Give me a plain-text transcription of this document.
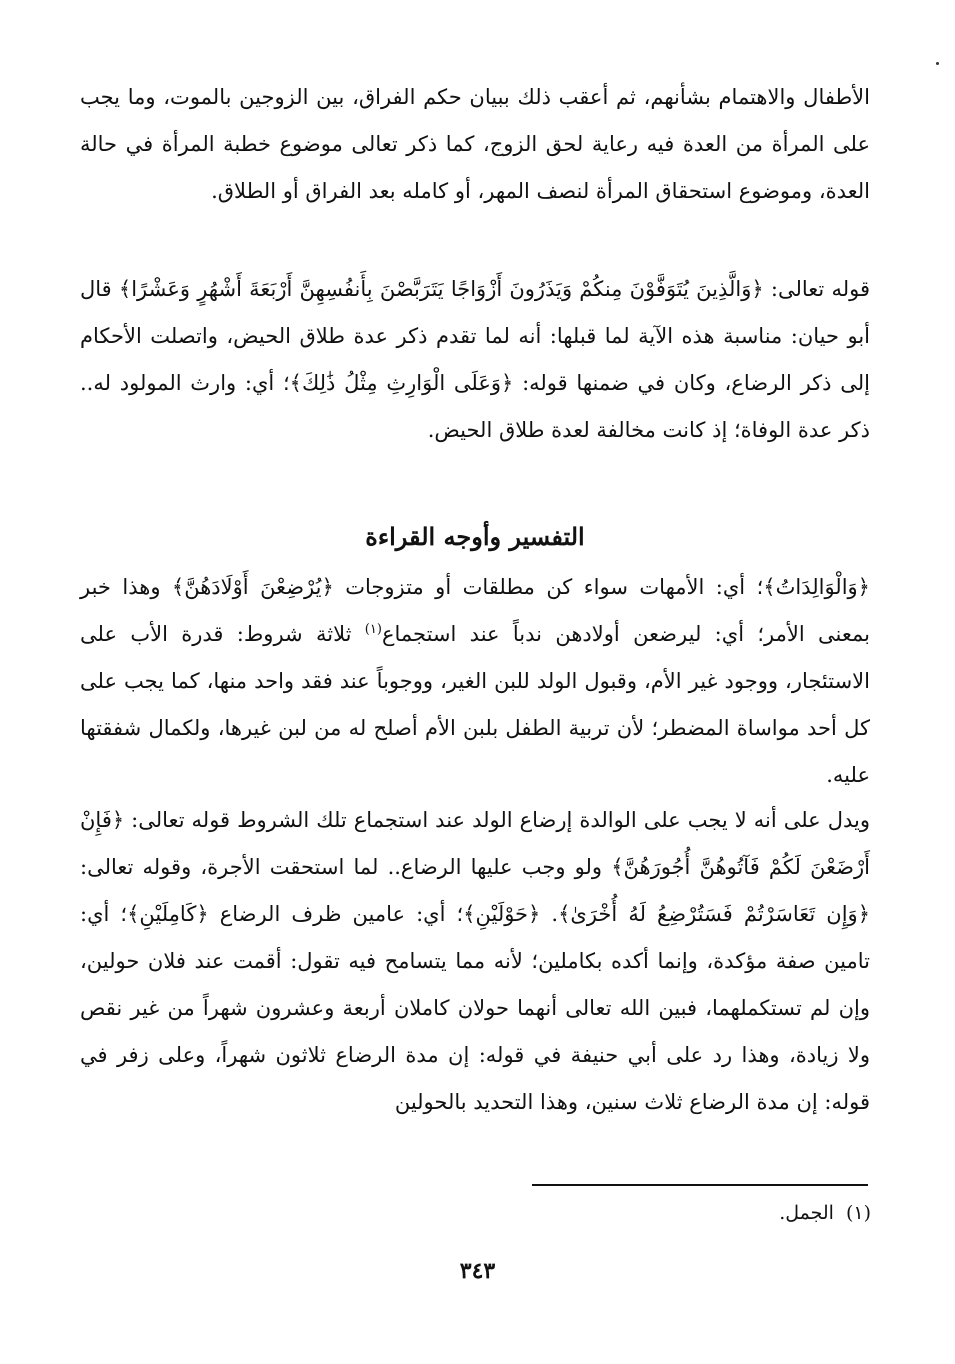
الأطفال والاهتمام بشأنهم، ثم أعقب ذلك ببيان حكم الفراق، بين الزوجين بالموت، وما يجب على المرأة من العدة فيه رعاية لحق الزوج، كما ذكر تعالى موضوع خطبة المرأة في حالة العدة، وموضوع استحقاق المرأة لنصف المهر، أو كامله بعد الفراق أو الطلاق.

قوله تعالى: ﴿وَالَّذِينَ يُتَوَفَّوْنَ مِنكُمْ وَيَذَرُونَ أَزْوَاجًا يَتَرَبَّصْنَ بِأَنفُسِهِنَّ أَرْبَعَةَ أَشْهُرٍ وَعَشْرًا﴾ قال أبو حيان: مناسبة هذه الآية لما قبلها: أنه لما تقدم ذكر عدة طلاق الحيض، واتصلت الأحكام إلى ذكر الرضاع، وكان في ضمنها قوله: ﴿وَعَلَى الْوَارِثِ مِثْلُ ذَٰلِكَ﴾؛ أي: وارث المولود له.. ذكر عدة الوفاة؛ إذ كانت مخالفة لعدة طلاق الحيض.

التفسير وأوجه القراءة

﴿وَالْوَالِدَاتُ﴾؛ أي: الأمهات سواء كن مطلقات أو متزوجات ﴿يُرْضِعْنَ أَوْلَادَهُنَّ﴾ وهذا خبر بمعنى الأمر؛ أي: ليرضعن أولادهن ندباً عند استجماع$^{(١)}$ ثلاثة شروط: قدرة الأب على الاستئجار، ووجود غير الأم، وقبول الولد للبن الغير، ووجوباً عند فقد واحد منها، كما يجب على كل أحد مواساة المضطر؛ لأن تربية الطفل بلبن الأم أصلح له من لبن غيرها، ولكمال شفقتها عليه.

ويدل على أنه لا يجب على الوالدة إرضاع الولد عند استجماع تلك الشروط قوله تعالى: ﴿فَإِنْ أَرْضَعْنَ لَكُمْ فَآتُوهُنَّ أُجُورَهُنَّ﴾ ولو وجب عليها الرضاع.. لما استحقت الأجرة، وقوله تعالى: ﴿وَإِن تَعَاسَرْتُمْ فَسَتُرْضِعُ لَهُ أُخْرَىٰ﴾. ﴿حَوْلَيْنِ﴾؛ أي: عامين ظرف الرضاع ﴿كَامِلَيْنِ﴾؛ أي: تامين صفة مؤكدة، وإنما أكده بكاملين؛ لأنه مما يتسامح فيه تقول: أقمت عند فلان حولين، وإن لم تستكملهما، فبين الله تعالى أنهما حولان كاملان أربعة وعشرون شهراً من غير نقص ولا زيادة، وهذا رد على أبي حنيفة في قوله: إن مدة الرضاع ثلاثون شهراً، وعلى زفر في قوله: إن مدة الرضاع ثلاث سنين، وهذا التحديد بالحولين

(١)الجمل.
٣٤٣
